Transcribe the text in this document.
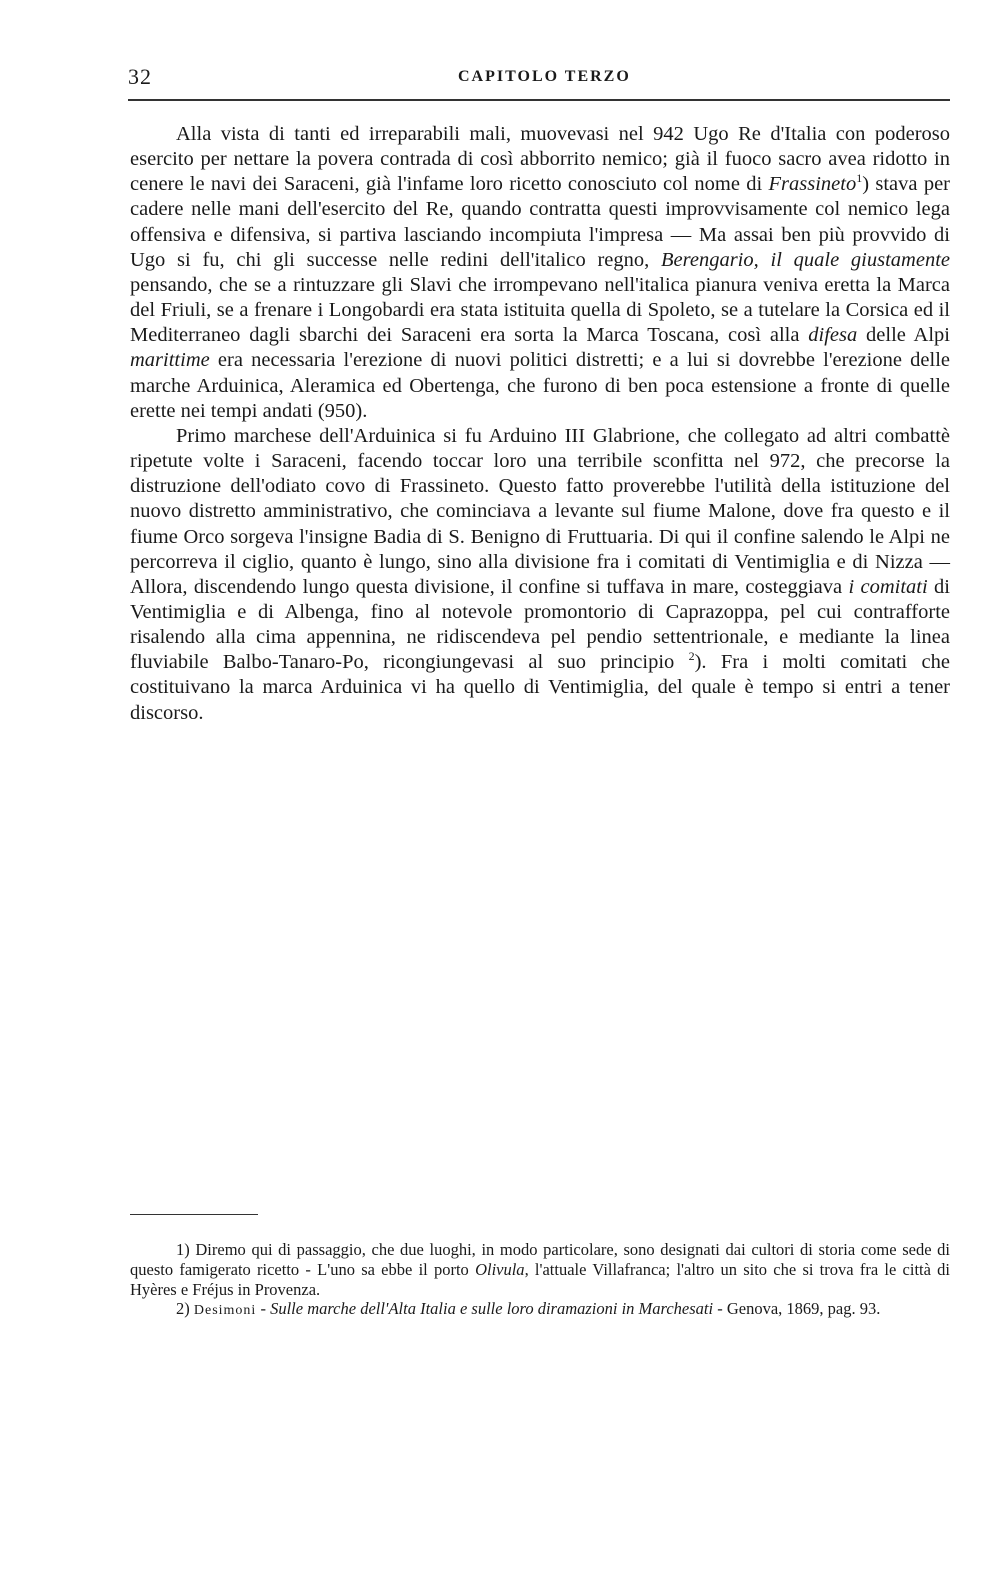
32	CAPITOLO TERZO

Alla vista di tanti ed irreparabili mali, muovevasi nel 942 Ugo Re d'Italia con poderoso esercito per nettare la povera contrada di così abborrito nemico; già il fuoco sacro avea ridotto in cenere le navi dei Saraceni, già l'infame loro ricetto conosciuto col nome di Frassineto$^1$) stava per cadere nelle mani dell'esercito del Re, quando contratta questi improvvisamente col nemico lega offensiva e difensiva, si partiva lasciando incompiuta l'impresa — Ma assai ben più provvido di Ugo si fu, chi gli successe nelle redini dell'italico regno, Berengario, il quale giustamente pensando, che se a rintuzzare gli Slavi che irrompevano nell'italica pianura veniva eretta la Marca del Friuli, se a frenare i Longobardi era stata istituita quella di Spoleto, se a tutelare la Corsica ed il Mediterraneo dagli sbarchi dei Saraceni era sorta la Marca Toscana, così alla difesa delle Alpi marittime era necessaria l'erezione di nuovi politici distretti; e a lui si dovrebbe l'erezione delle marche Arduinica, Aleramica ed Obertenga, che furono di ben poca estensione a fronte di quelle erette nei tempi andati (950).

Primo marchese dell'Arduinica si fu Arduino III Glabrione, che collegato ad altri combattè ripetute volte i Saraceni, facendo toccar loro una terribile sconfitta nel 972, che precorse la distruzione dell'odiato covo di Frassineto. Questo fatto proverebbe l'utilità della istituzione del nuovo distretto amministrativo, che cominciava a levante sul fiume Malone, dove fra questo e il fiume Orco sorgeva l'insigne Badia di S. Benigno di Fruttuaria. Di qui il confine salendo le Alpi ne percorreva il ciglio, quanto è lungo, sino alla divisione fra i comitati di Ventimiglia e di Nizza — Allora, discendendo lungo questa divisione, il confine si tuffava in mare, costeggiava i comitati di Ventimiglia e di Albenga, fino al notevole promontorio di Caprazoppa, pel cui contrafforte risalendo alla cima appennina, ne ridiscendeva pel pendio settentrionale, e mediante la linea fluviabile Balbo-Tanaro-Po, ricongiungevasi al suo principio $^2$). Fra i molti comitati che costituivano la marca Arduinica vi ha quello di Ventimiglia, del quale è tempo si entri a tener discorso.

1) Diremo qui di passaggio, che due luoghi, in modo particolare, sono designati dai cultori di storia come sede di questo famigerato ricetto - L'uno sa ebbe il porto Olivula, l'attuale Villafranca; l'altro un sito che si trova fra le città di Hyères e Fréjus in Provenza.

2) Desimoni - Sulle marche dell'Alta Italia e sulle loro diramazioni in Marchesati - Genova, 1869, pag. 93.
